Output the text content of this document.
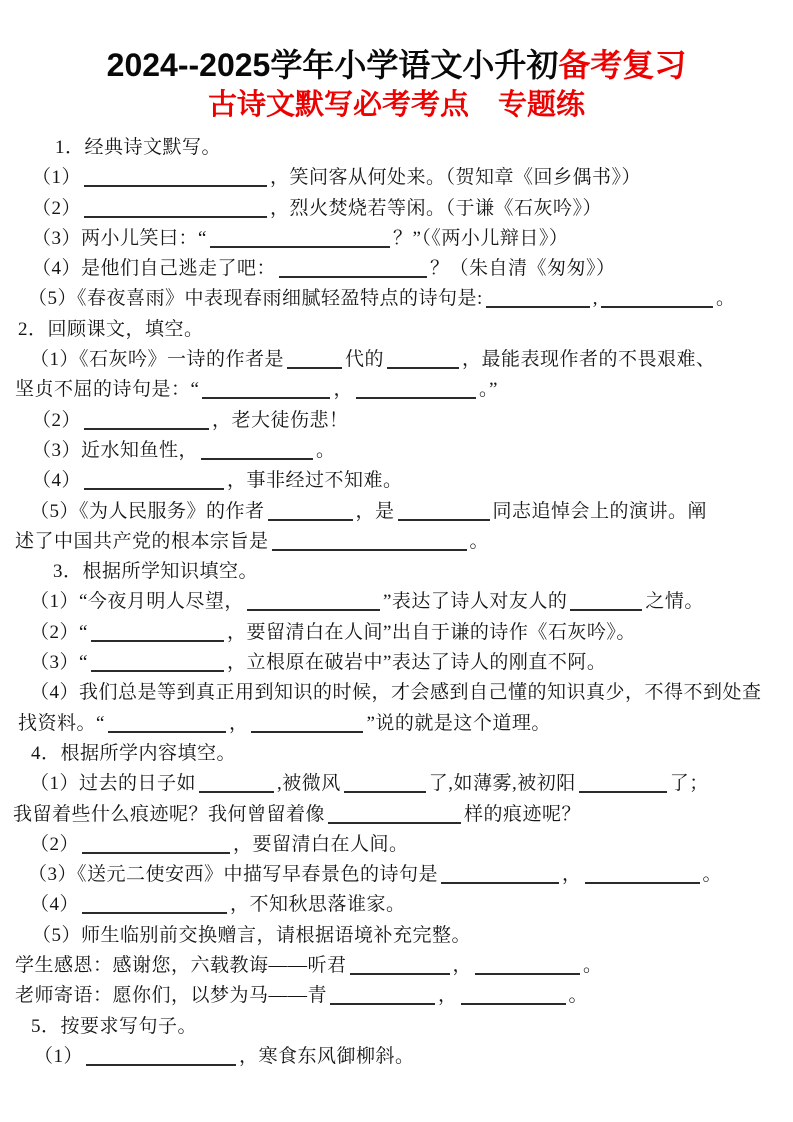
2024--2025学年小学语文小升初备考复习
古诗文默写必考考点　专题练
1．经典诗文默写。
（1）	，笑问客从何处来。（贺知章《回乡偶书》）
（2）	，烈火焚烧若等闲。（于谦《石灰吟》）
（3）两小儿笑曰：“	？”（《两小儿辩日》）
（4）是他们自己逃走了吧：	？（朱自清《匆匆》）
（5）《春夜喜雨》中表现春雨细腻轻盈特点的诗句是:	,	。
2．回顾课文，填空。
（1）《石灰吟》一诗的作者是	代的	，最能表现作者的不畏艰难、
坚贞不屈的诗句是：“	，	。”
（2）	，老大徒伤悲！
（3）近水知鱼性，	。
（4）	，事非经过不知难。
（5）《为人民服务》的作者	，是	同志追悼会上的演讲。阐
述了中国共产党的根本宗旨是	。
3．根据所学知识填空。
（1）“今夜月明人尽望，	”表达了诗人对友人的	之情。
（2）“	，要留清白在人间”出自于谦的诗作《石灰吟》。
（3）“	，立根原在破岩中”表达了诗人的刚直不阿。
（4）我们总是等到真正用到知识的时候，才会感到自己懂的知识真少，不得不到处查
找资料。“	，	”说的就是这个道理。
4．根据所学内容填空。
（1）过去的日子如	,被微风	了,如薄雾,被初阳	了；
我留着些什么痕迹呢？我何曾留着像	样的痕迹呢？
（2）	，要留清白在人间。
（3）《送元二使安西》中描写早春景色的诗句是	，	。
（4）	，不知秋思落谁家。
（5）师生临别前交换赠言，请根据语境补充完整。
学生感恩：感谢您，六载教诲——听君	，	。
老师寄语：愿你们，以梦为马——青	，	。
5．按要求写句子。
（1）	，寒食东风御柳斜。
